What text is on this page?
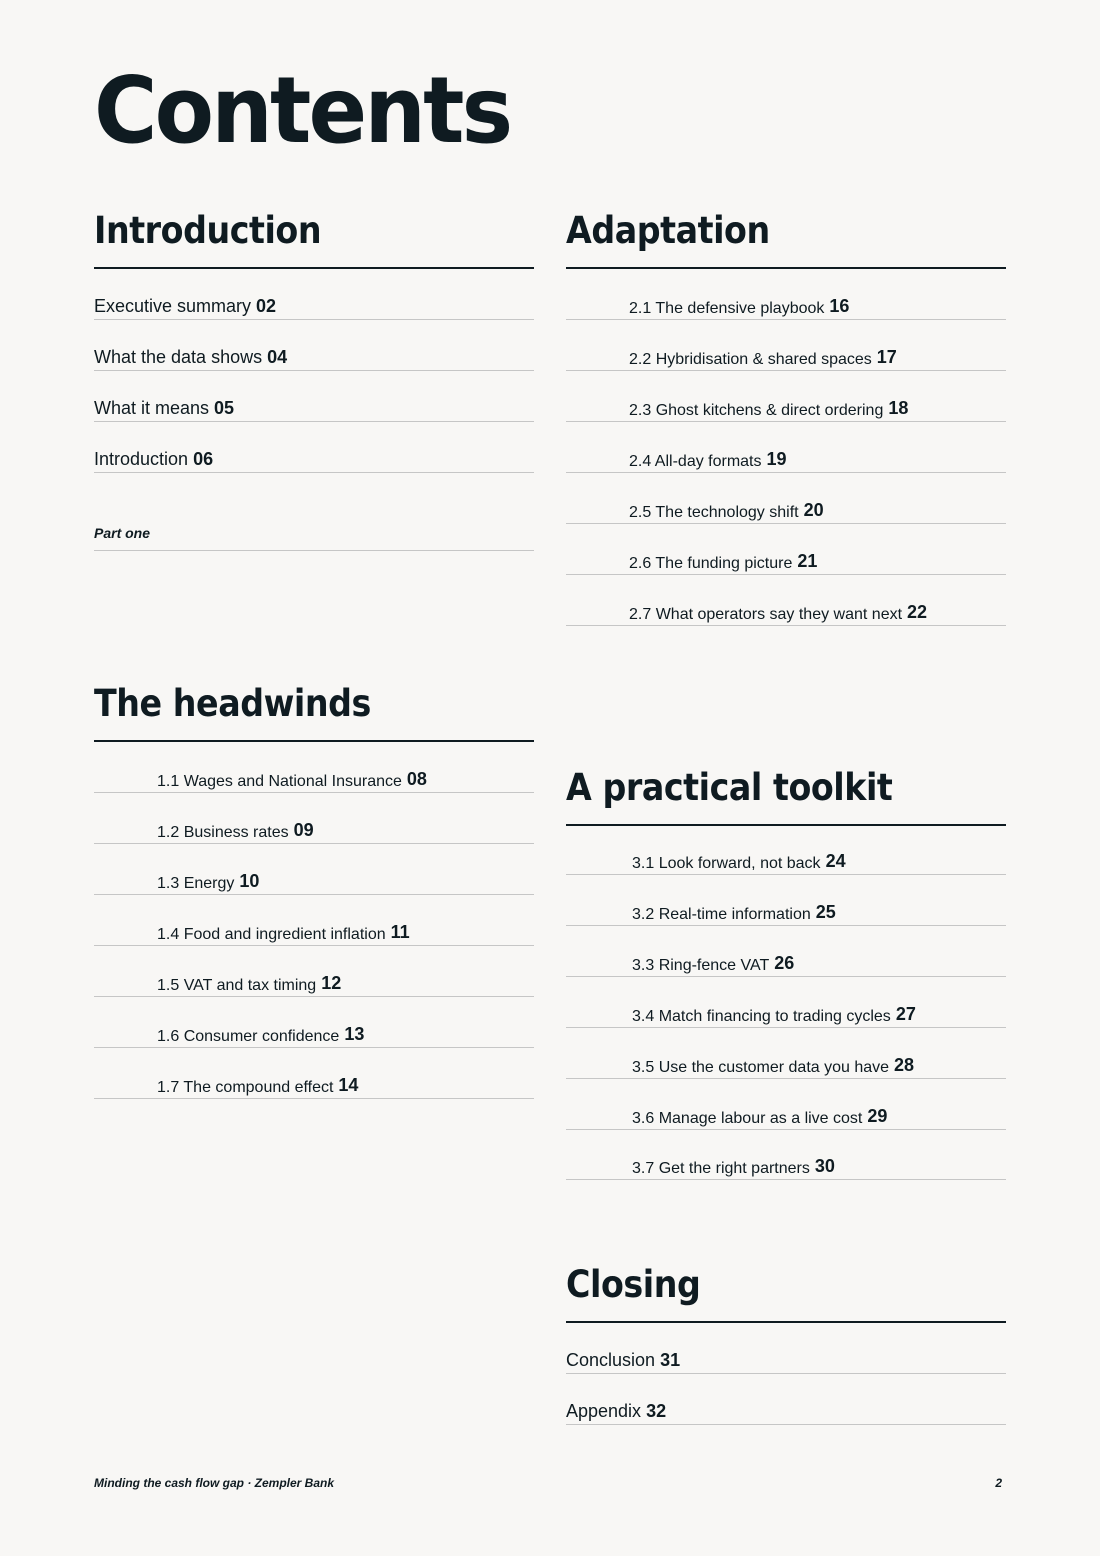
Contents
Introduction
Executive summary 02
What the data shows 04
What it means 05
Introduction 06
Part one
The headwinds
1.1 Wages and National Insurance 08
1.2 Business rates 09
1.3 Energy 10
1.4 Food and ingredient inflation 11
1.5 VAT and tax timing 12
1.6 Consumer confidence 13
1.7 The compound effect 14
Adaptation
2.1 The defensive playbook 16
2.2 Hybridisation & shared spaces 17
2.3 Ghost kitchens & direct ordering 18
2.4 All-day formats 19
2.5 The technology shift 20
2.6 The funding picture 21
2.7 What operators say they want next 22
A practical toolkit
3.1 Look forward, not back 24
3.2 Real-time information 25
3.3 Ring-fence VAT 26
3.4 Match financing to trading cycles 27
3.5 Use the customer data you have 28
3.6 Manage labour as a live cost 29
3.7 Get the right partners 30
Closing
Conclusion 31
Appendix 32
Minding the cash flow gap · Zempler Bank	2
